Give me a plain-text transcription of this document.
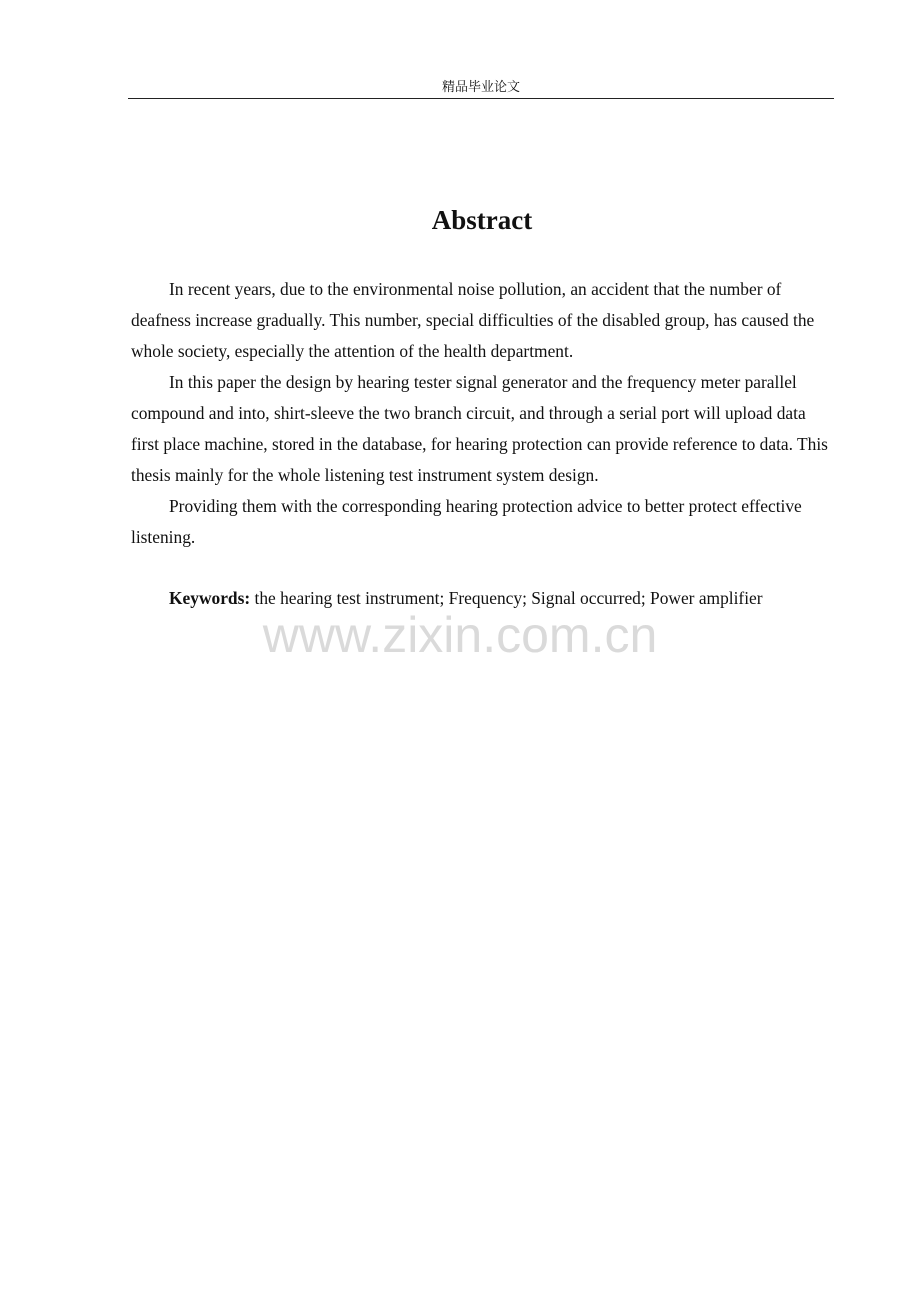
精品毕业论文
Abstract

In recent years, due to the environmental noise pollution, an accident that the number of deafness increase gradually. This number, special difficulties of the disabled group, has caused the whole society, especially the attention of the health department.

In this paper the design by hearing tester signal generator and the frequency meter parallel compound and into, shirt-sleeve the two branch circuit, and through a serial port will upload data first place machine, stored in the database, for hearing protection can provide reference to data. This thesis mainly for the whole listening test instrument system design.

Providing them with the corresponding hearing protection advice to better protect effective listening.

Keywords: the hearing test instrument; Frequency; Signal occurred; Power amplifier
www.zixin.com.cn
